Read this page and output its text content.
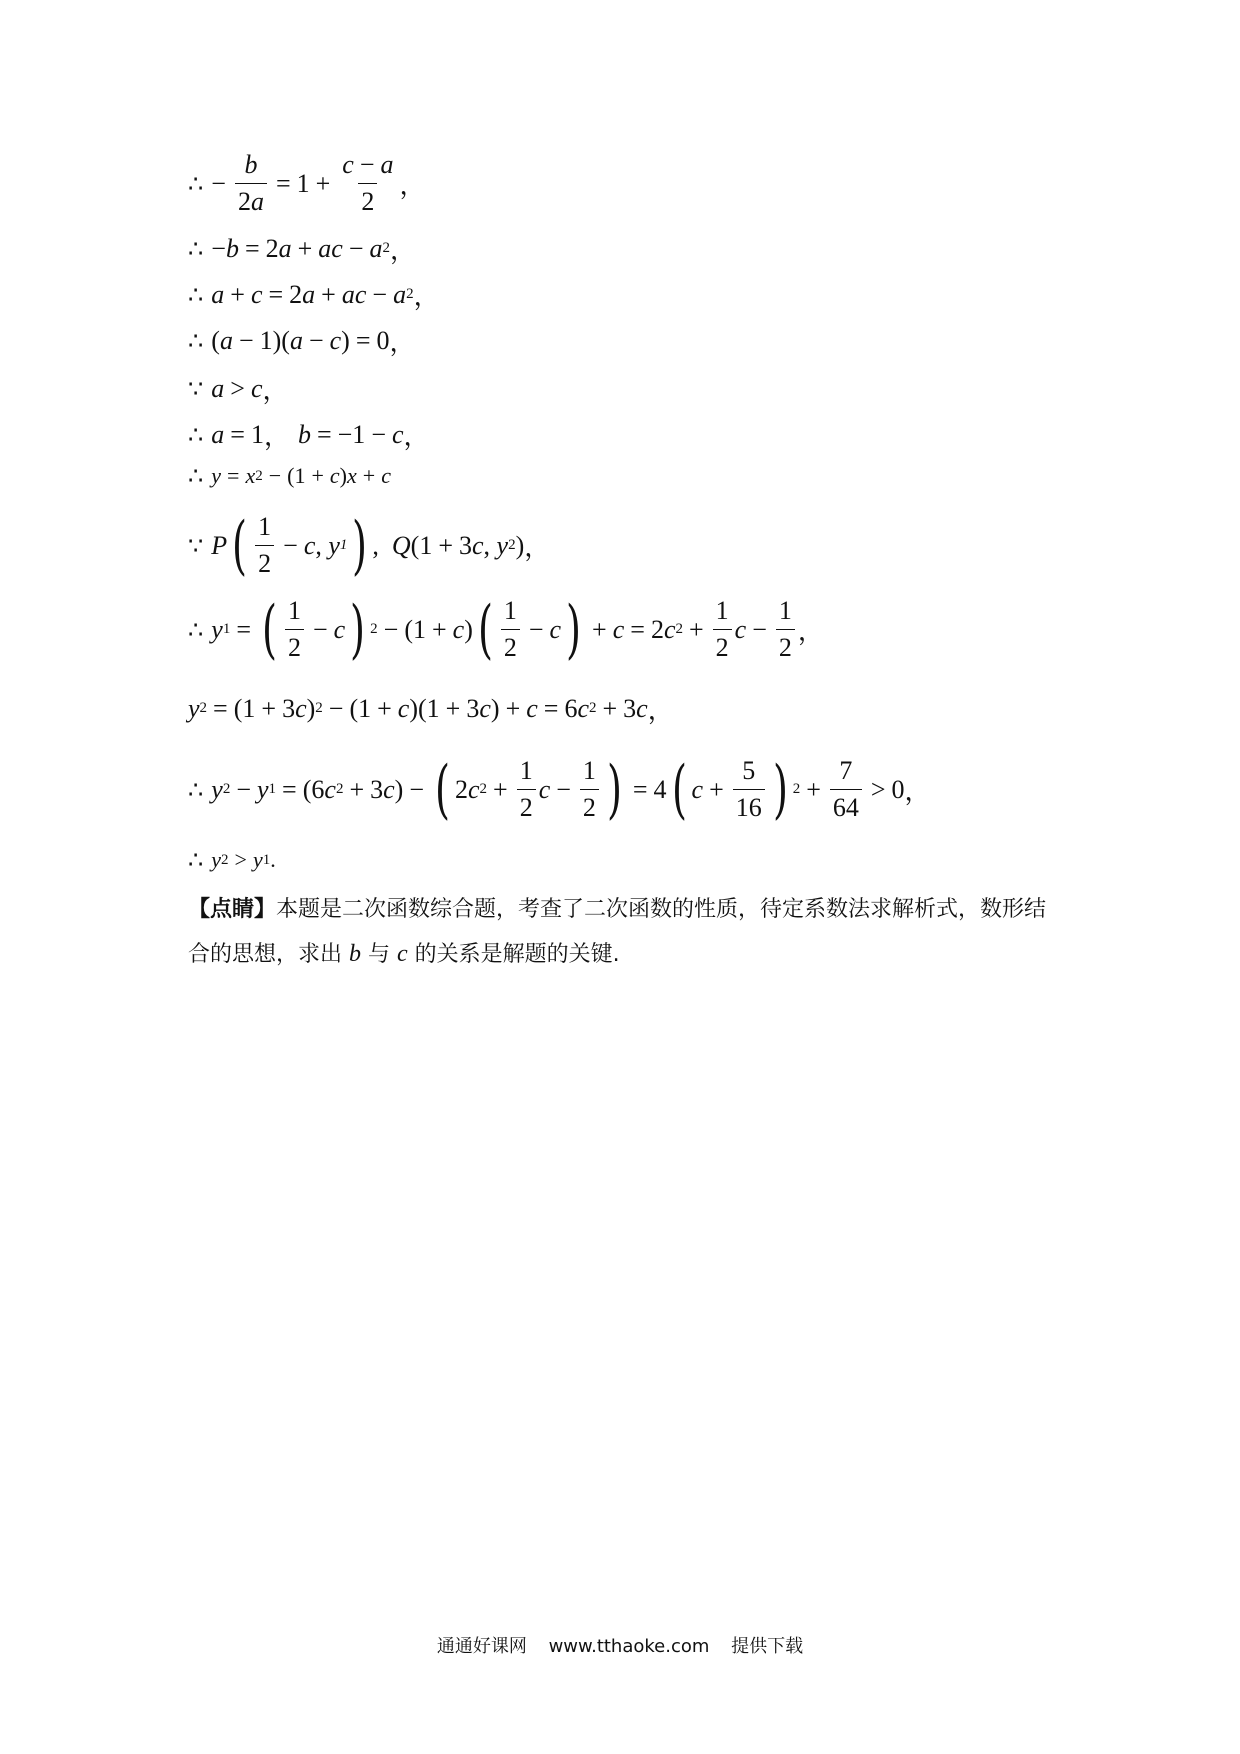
∴ − $\frac{b}{2a} = 1 + \frac{c - a}{2}$ ，
∴ − b = 2 a + ac − a 2 ，
∴ a + c = 2 a + ac − a 2 ，
∴ ( a − 1)( a − c ) = 0 ，
∵ a > c ，
∴ a = 1 ， b = −1 − c ，
∴ y = x 2 − (1 + c ) x + c
∵ P ( $\frac{1}{2} - c$ , y 1 ) , Q (1 + 3 c , y 2 ) ，
∴ y 1 = ( $\frac{1}{2} - c$ ) 2 − (1 + c ) ( $\frac{1}{2} - c$ ) + c = 2 c $2 + \frac{1}{2}$ $c - \frac{1}{2}$ ，
y 2 = (1 + 3 c ) 2 − (1 + c )(1 + 3 c ) + c = 6 c 2 + 3 c ，
∴ y 2 − y 1 = (6 c 2 + 3 c ) − ( 2 c $2 + \frac{1}{2}$ $c - \frac{1}{2}$ ) = 4 ( $c + \frac{5}{16}$ ) $2 + \frac{7}{64} > 0$ ，
∴ y 2 > y 1 .
【点睛】本题是二次函数综合题，考查了二次函数的性质，待定系数法求解析式，数形结合的思想，求出 b 与 c 的关系是解题的关键.
通通好课网 www.tthaoke.com 提供下载
